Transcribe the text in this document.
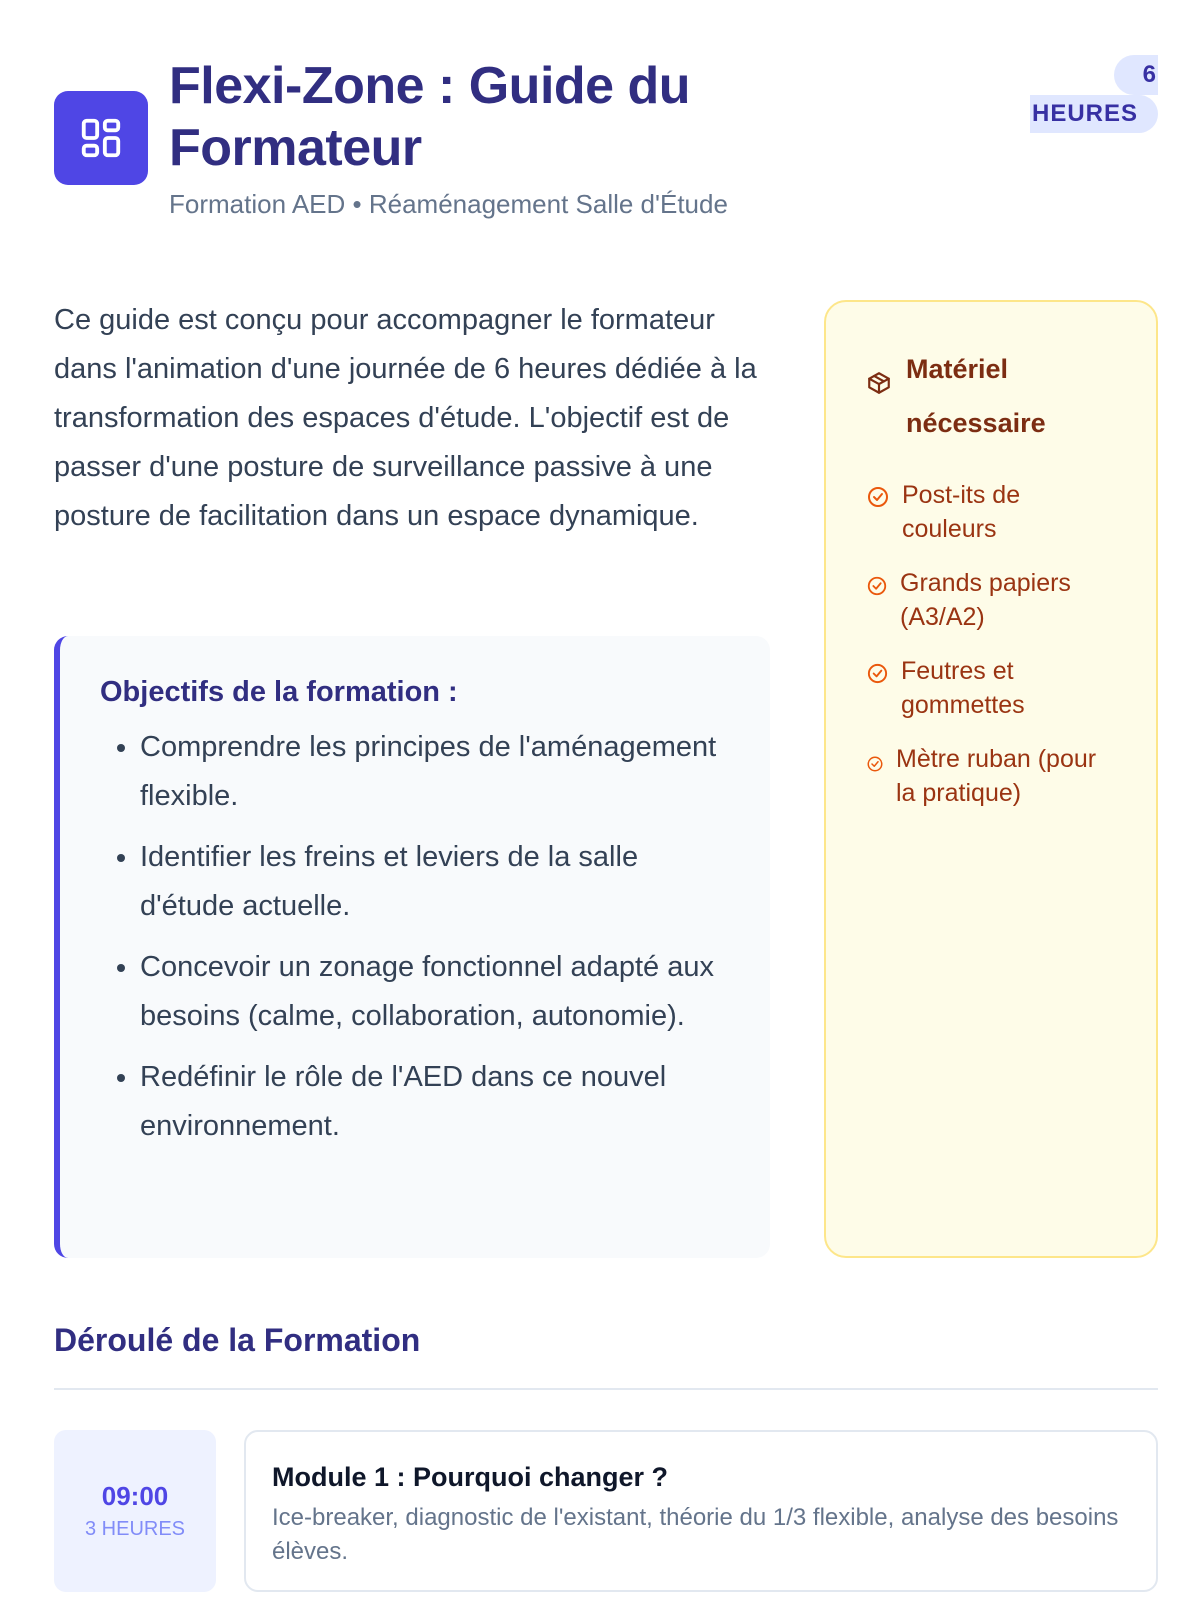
Flexi-Zone : Guide du Formateur
Formation AED • Réaménagement Salle d'Étude
6
HEURES

Ce guide est conçu pour accompagner le formateur dans l'animation d'une journée de 6 heures dédiée à la transformation des espaces d'étude. L'objectif est de passer d'une posture de surveillance passive à une posture de facilitation dans un espace dynamique.

Objectifs de la formation :
• Comprendre les principes de l'aménagement flexible.
• Identifier les freins et leviers de la salle d'étude actuelle.
• Concevoir un zonage fonctionnel adapté aux besoins (calme, collaboration, autonomie).
• Redéfinir le rôle de l'AED dans ce nouvel environnement.
Matériel nécessaire
Post-its de couleurs
Grands papiers (A3/A2)
Feutres et gommettes
Mètre ruban (pour la pratique)
Déroulé de la Formation
09:00
3 HEURES
Module 1 : Pourquoi changer ?

Ice-breaker, diagnostic de l'existant, théorie du 1/3 flexible, analyse des besoins élèves.
